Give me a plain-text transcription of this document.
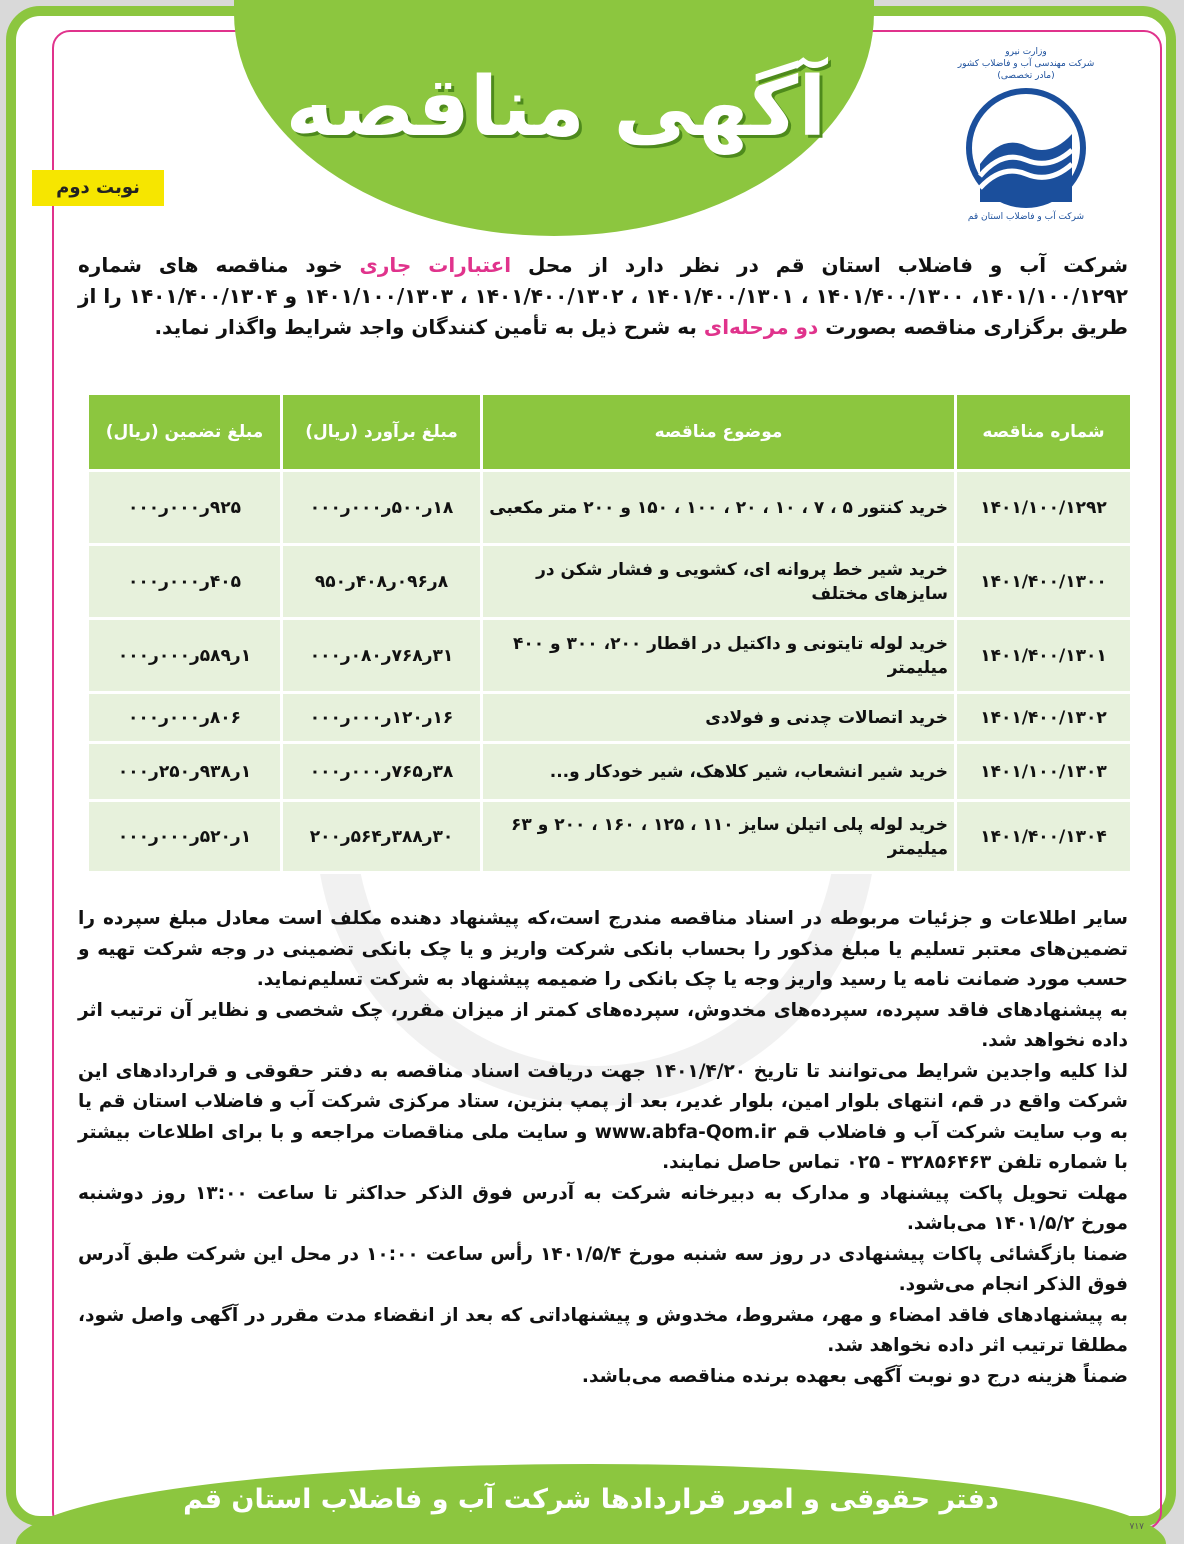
آگهی مناقصه
نوبت دوم
وزارت نیرو
شرکت مهندسی آب و فاضلاب کشور
(مادر تخصصی)
شرکت آب و فاضلاب استان قم
شرکت آب و فاضلاب استان قم در نظر دارد از محل اعتبارات جاری خود مناقصه های شماره ۱۴۰۱/۱۰۰/۱۲۹۲، ۱۴۰۱/۴۰۰/۱۳۰۰ ، ۱۴۰۱/۴۰۰/۱۳۰۱ ، ۱۴۰۱/۴۰۰/۱۳۰۲ ، ۱۴۰۱/۱۰۰/۱۳۰۳ و ۱۴۰۱/۴۰۰/۱۳۰۴ را از طریق برگزاری مناقصه بصورت دو مرحله‌ای به شرح ذیل به تأمین کنندگان واجد شرایط واگذار نماید.
شماره مناقصه	موضوع مناقصه	مبلغ برآورد (ریال)	مبلغ تضمین (ریال)
۱۴۰۱/۱۰۰/۱۲۹۲	خرید کنتور ۵ ، ۷ ، ۱۰ ، ۲۰ ، ۱۰۰ ، ۱۵۰ و ۲۰۰ متر مکعبی	۱۸ر۵۰۰ر۰۰۰ر۰۰۰	۹۲۵ر۰۰۰ر۰۰۰
۱۴۰۱/۴۰۰/۱۳۰۰	خرید شیر خط پروانه ای، کشویی و فشار شکن در سایزهای مختلف	۸ر۰۹۶ر۴۰۸ر۹۵۰	۴۰۵ر۰۰۰ر۰۰۰
۱۴۰۱/۴۰۰/۱۳۰۱	خرید لوله تایتونی و داکتیل در اقطار ۲۰۰، ۳۰۰ و ۴۰۰ میلیمتر	۳۱ر۷۶۸ر۰۸۰ر۰۰۰	۱ر۵۸۹ر۰۰۰ر۰۰۰
۱۴۰۱/۴۰۰/۱۳۰۲	خرید اتصالات چدنی و فولادی	۱۶ر۱۲۰ر۰۰۰ر۰۰۰	۸۰۶ر۰۰۰ر۰۰۰
۱۴۰۱/۱۰۰/۱۳۰۳	خرید شیر انشعاب، شیر کلاهک، شیر خودکار و...	۳۸ر۷۶۵ر۰۰۰ر۰۰۰	۱ر۹۳۸ر۲۵۰ر۰۰۰
۱۴۰۱/۴۰۰/۱۳۰۴	خرید لوله پلی اتیلن سایز ۱۱۰ ، ۱۲۵ ، ۱۶۰ ، ۲۰۰ و ۶۳ میلیمتر	۳۰ر۳۸۸ر۵۶۴ر۲۰۰	۱ر۵۲۰ر۰۰۰ر۰۰۰

سایر اطلاعات و جزئیات مربوطه در اسناد مناقصه مندرج است،که پیشنهاد دهنده مکلف است معادل مبلغ سپرده را تضمین‌های معتبر تسلیم یا مبلغ مذکور را بحساب بانکی شرکت واریز و یا چک بانکی تضمینی در وجه شرکت تهیه و حسب مورد ضمانت نامه یا رسید واریز وجه یا چک بانکی را ضمیمه پیشنهاد به شرکت تسلیم‌نماید.

به پیشنهادهای فاقد سپرده، سپرده‌های مخدوش، سپرده‌های کمتر از میزان مقرر، چک شخصی و نظایر آن ترتیب اثر داده نخواهد شد.

لذا کلیه واجدین شرایط می‌توانند تا تاریخ ۱۴۰۱/۴/۲۰ جهت دریافت اسناد مناقصه به دفتر حقوقی و قراردادهای این شرکت واقع در قم، انتهای بلوار امین، بلوار غدیر، بعد از پمپ بنزین، ستاد مرکزی شرکت آب و فاضلاب استان قم یا به وب سایت شرکت آب و فاضلاب قم www.abfa-Qom.ir و سایت ملی مناقصات مراجعه و با برای اطلاعات بیشتر با شماره تلفن ۳۲۸۵۶۴۶۳ - ۰۲۵ تماس حاصل نمایند.

مهلت تحویل پاکت پیشنهاد و مدارک به دبیرخانه شرکت به آدرس فوق الذکر حداکثر تا ساعت ۱۳:۰۰ روز دوشنبه مورخ ۱۴۰۱/۵/۲ می‌باشد.

ضمنا بازگشائی پاکات پیشنهادی در روز سه شنبه مورخ ۱۴۰۱/۵/۴ رأس ساعت ۱۰:۰۰ در محل این شرکت طبق آدرس فوق الذکر انجام می‌شود.

به پیشنهادهای فاقد امضاء و مهر، مشروط، مخدوش و پیشنهاداتی که بعد از انقضاء مدت مقرر در آگهی واصل شود، مطلقا ترتیب اثر داده نخواهد شد.

ضمناً هزینه درج دو نوبت آگهی بعهده برنده مناقصه می‌باشد.

دفتر حقوقی و امور قراردادها شرکت آب و فاضلاب استان قم
۷۱۷
